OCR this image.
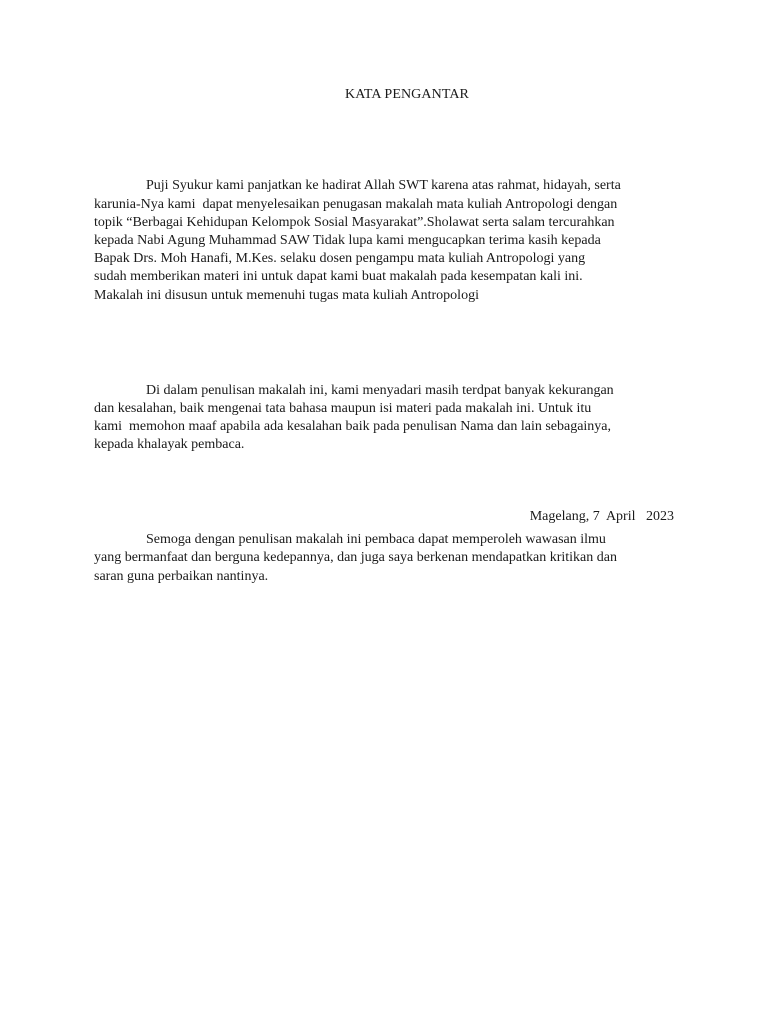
KATA PENGANTAR

Puji Syukur kami panjatkan ke hadirat Allah SWT karena atas rahmat, hidayah, serta
karunia-Nya kami  dapat menyelesaikan penugasan makalah mata kuliah Antropologi dengan
topik “Berbagai Kehidupan Kelompok Sosial Masyarakat”.Sholawat serta salam tercurahkan
kepada Nabi Agung Muhammad SAW Tidak lupa kami mengucapkan terima kasih kepada
Bapak Drs. Moh Hanafi, M.Kes. selaku dosen pengampu mata kuliah Antropologi yang
sudah memberikan materi ini untuk dapat kami buat makalah pada kesempatan kali ini.
Makalah ini disusun untuk memenuhi tugas mata kuliah Antropologi

Di dalam penulisan makalah ini, kami menyadari masih terdpat banyak kekurangan
dan kesalahan, baik mengenai tata bahasa maupun isi materi pada makalah ini. Untuk itu
kami  memohon maaf apabila ada kesalahan baik pada penulisan Nama dan lain sebagainya,
kepada khalayak pembaca.

Semoga dengan penulisan makalah ini pembaca dapat memperoleh wawasan ilmu
yang bermanfaat dan berguna kedepannya, dan juga saya berkenan mendapatkan kritikan dan
saran guna perbaikan nantinya.

Magelang, 7  April   2023
